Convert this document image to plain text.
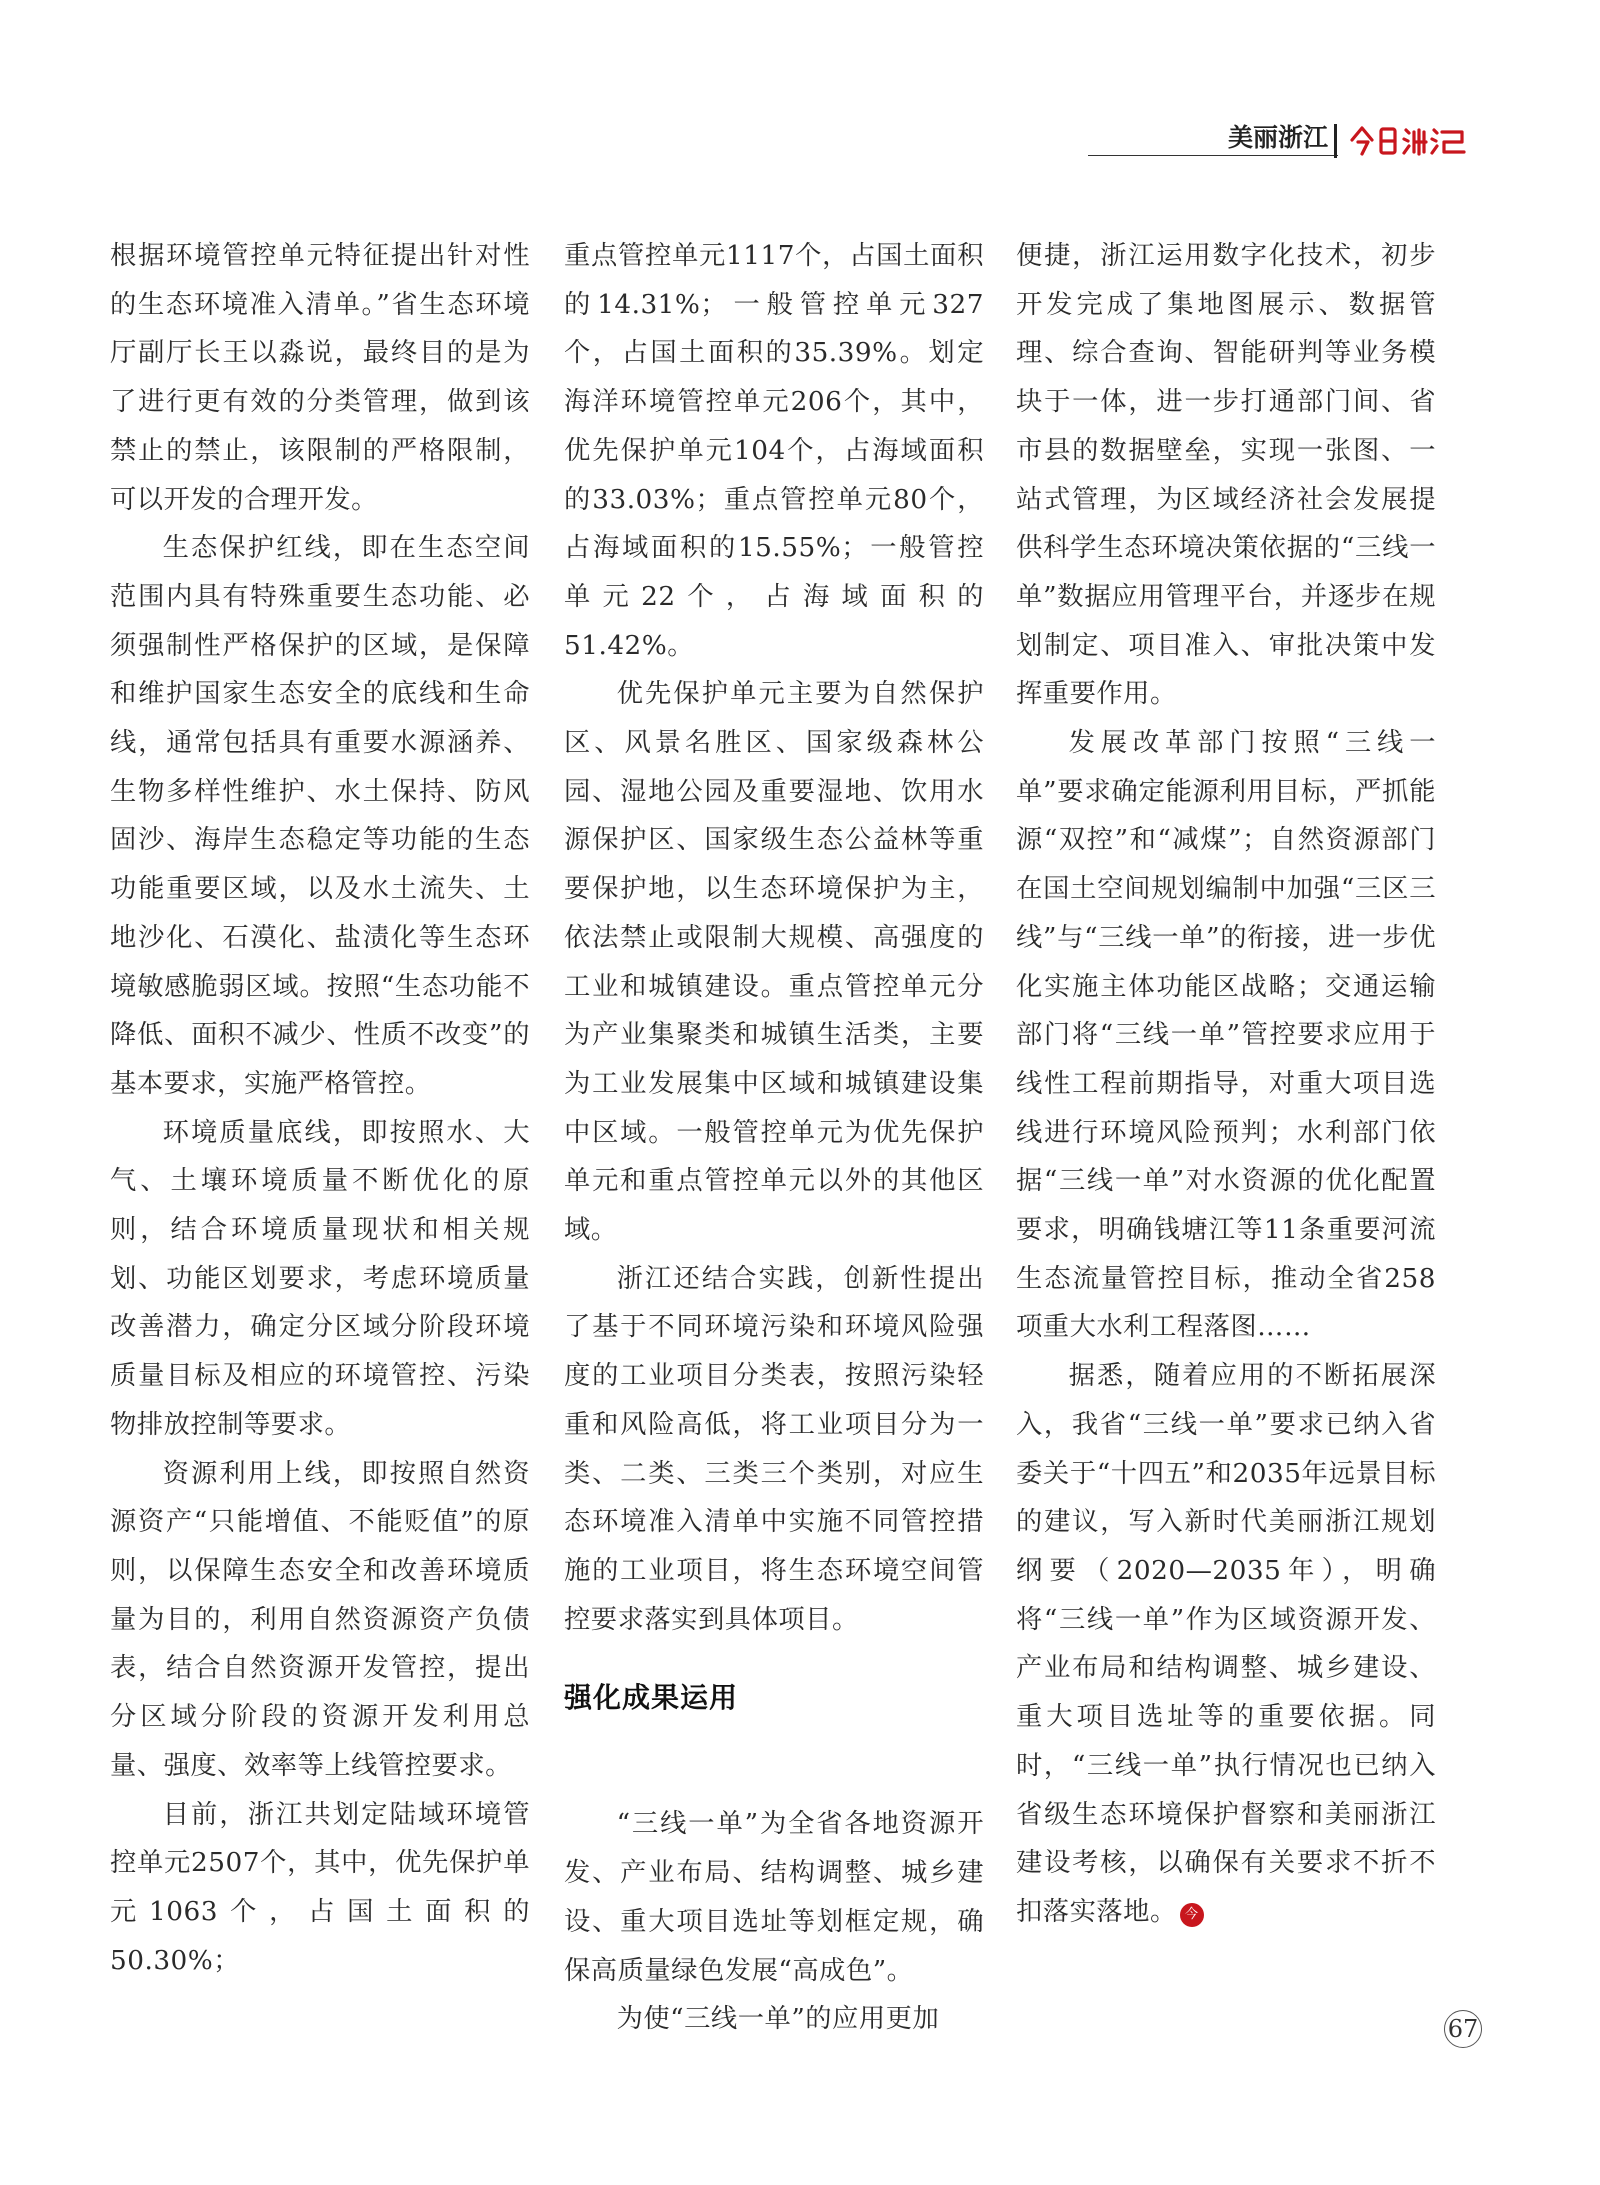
美丽浙江

根据环境管控单元特征提出针对性的生态环境准入清单。”省生态环境厅副厅长王以淼说，最终目的是为了进行更有效的分类管理，做到该禁止的禁止，该限制的严格限制，可以开发的合理开发。

生态保护红线，即在生态空间范围内具有特殊重要生态功能、必须强制性严格保护的区域，是保障和维护国家生态安全的底线和生命线，通常包括具有重要水源涵养、生物多样性维护、水土保持、防风固沙、海岸生态稳定等功能的生态功能重要区域，以及水土流失、土地沙化、石漠化、盐渍化等生态环境敏感脆弱区域。按照“生态功能不降低、面积不减少、性质不改变”的基本要求，实施严格管控。

环境质量底线，即按照水、大气、土壤环境质量不断优化的原则，结合环境质量现状和相关规划、功能区划要求，考虑环境质量改善潜力，确定分区域分阶段环境质量目标及相应的环境管控、污染物排放控制等要求。

资源利用上线，即按照自然资源资产“只能增值、不能贬值”的原则，以保障生态安全和改善环境质量为目的，利用自然资源资产负债表，结合自然资源开发管控，提出分区域分阶段的资源开发利用总量、强度、效率等上线管控要求。

目前，浙江共划定陆域环境管控单元2507个，其中，优先保护单元1063个，占国土面积的50.30%；

重点管控单元1117个，占国土面积的14.31%；一般管控单元327个，占国土面积的35.39%。划定海洋环境管控单元206个，其中，优先保护单元104个，占海域面积的33.03%；重点管控单元80个，占海域面积的15.55%；一般管控单元22个，占海域面积的51.42%。

优先保护单元主要为自然保护区、风景名胜区、国家级森林公园、湿地公园及重要湿地、饮用水源保护区、国家级生态公益林等重要保护地，以生态环境保护为主，依法禁止或限制大规模、高强度的工业和城镇建设。重点管控单元分为产业集聚类和城镇生活类，主要为工业发展集中区域和城镇建设集中区域。一般管控单元为优先保护单元和重点管控单元以外的其他区域。

浙江还结合实践，创新性提出了基于不同环境污染和环境风险强度的工业项目分类表，按照污染轻重和风险高低，将工业项目分为一类、二类、三类三个类别，对应生态环境准入清单中实施不同管控措施的工业项目，将生态环境空间管控要求落实到具体项目。

强化成果运用

“三线一单”为全省各地资源开发、产业布局、结构调整、城乡建设、重大项目选址等划框定规，确保高质量绿色发展“高成色”。

为使“三线一单”的应用更加

便捷，浙江运用数字化技术，初步开发完成了集地图展示、数据管理、综合查询、智能研判等业务模块于一体，进一步打通部门间、省市县的数据壁垒，实现一张图、一站式管理，为区域经济社会发展提供科学生态环境决策依据的“三线一单”数据应用管理平台，并逐步在规划制定、项目准入、审批决策中发挥重要作用。

发展改革部门按照“三线一单”要求确定能源利用目标，严抓能源“双控”和“减煤”；自然资源部门在国土空间规划编制中加强“三区三线”与“三线一单”的衔接，进一步优化实施主体功能区战略；交通运输部门将“三线一单”管控要求应用于线性工程前期指导，对重大项目选线进行环境风险预判；水利部门依据“三线一单”对水资源的优化配置要求，明确钱塘江等11条重要河流生态流量管控目标，推动全省258项重大水利工程落图……

据悉，随着应用的不断拓展深入，我省“三线一单”要求已纳入省委关于“十四五”和2035年远景目标的建议，写入新时代美丽浙江规划纲要（2020—2035年），明确将“三线一单”作为区域资源开发、产业布局和结构调整、城乡建设、重大项目选址等的重要依据。同时，“三线一单”执行情况也已纳入省级生态环境保护督察和美丽浙江建设考核，以确保有关要求不折不扣落实落地。 今

67
